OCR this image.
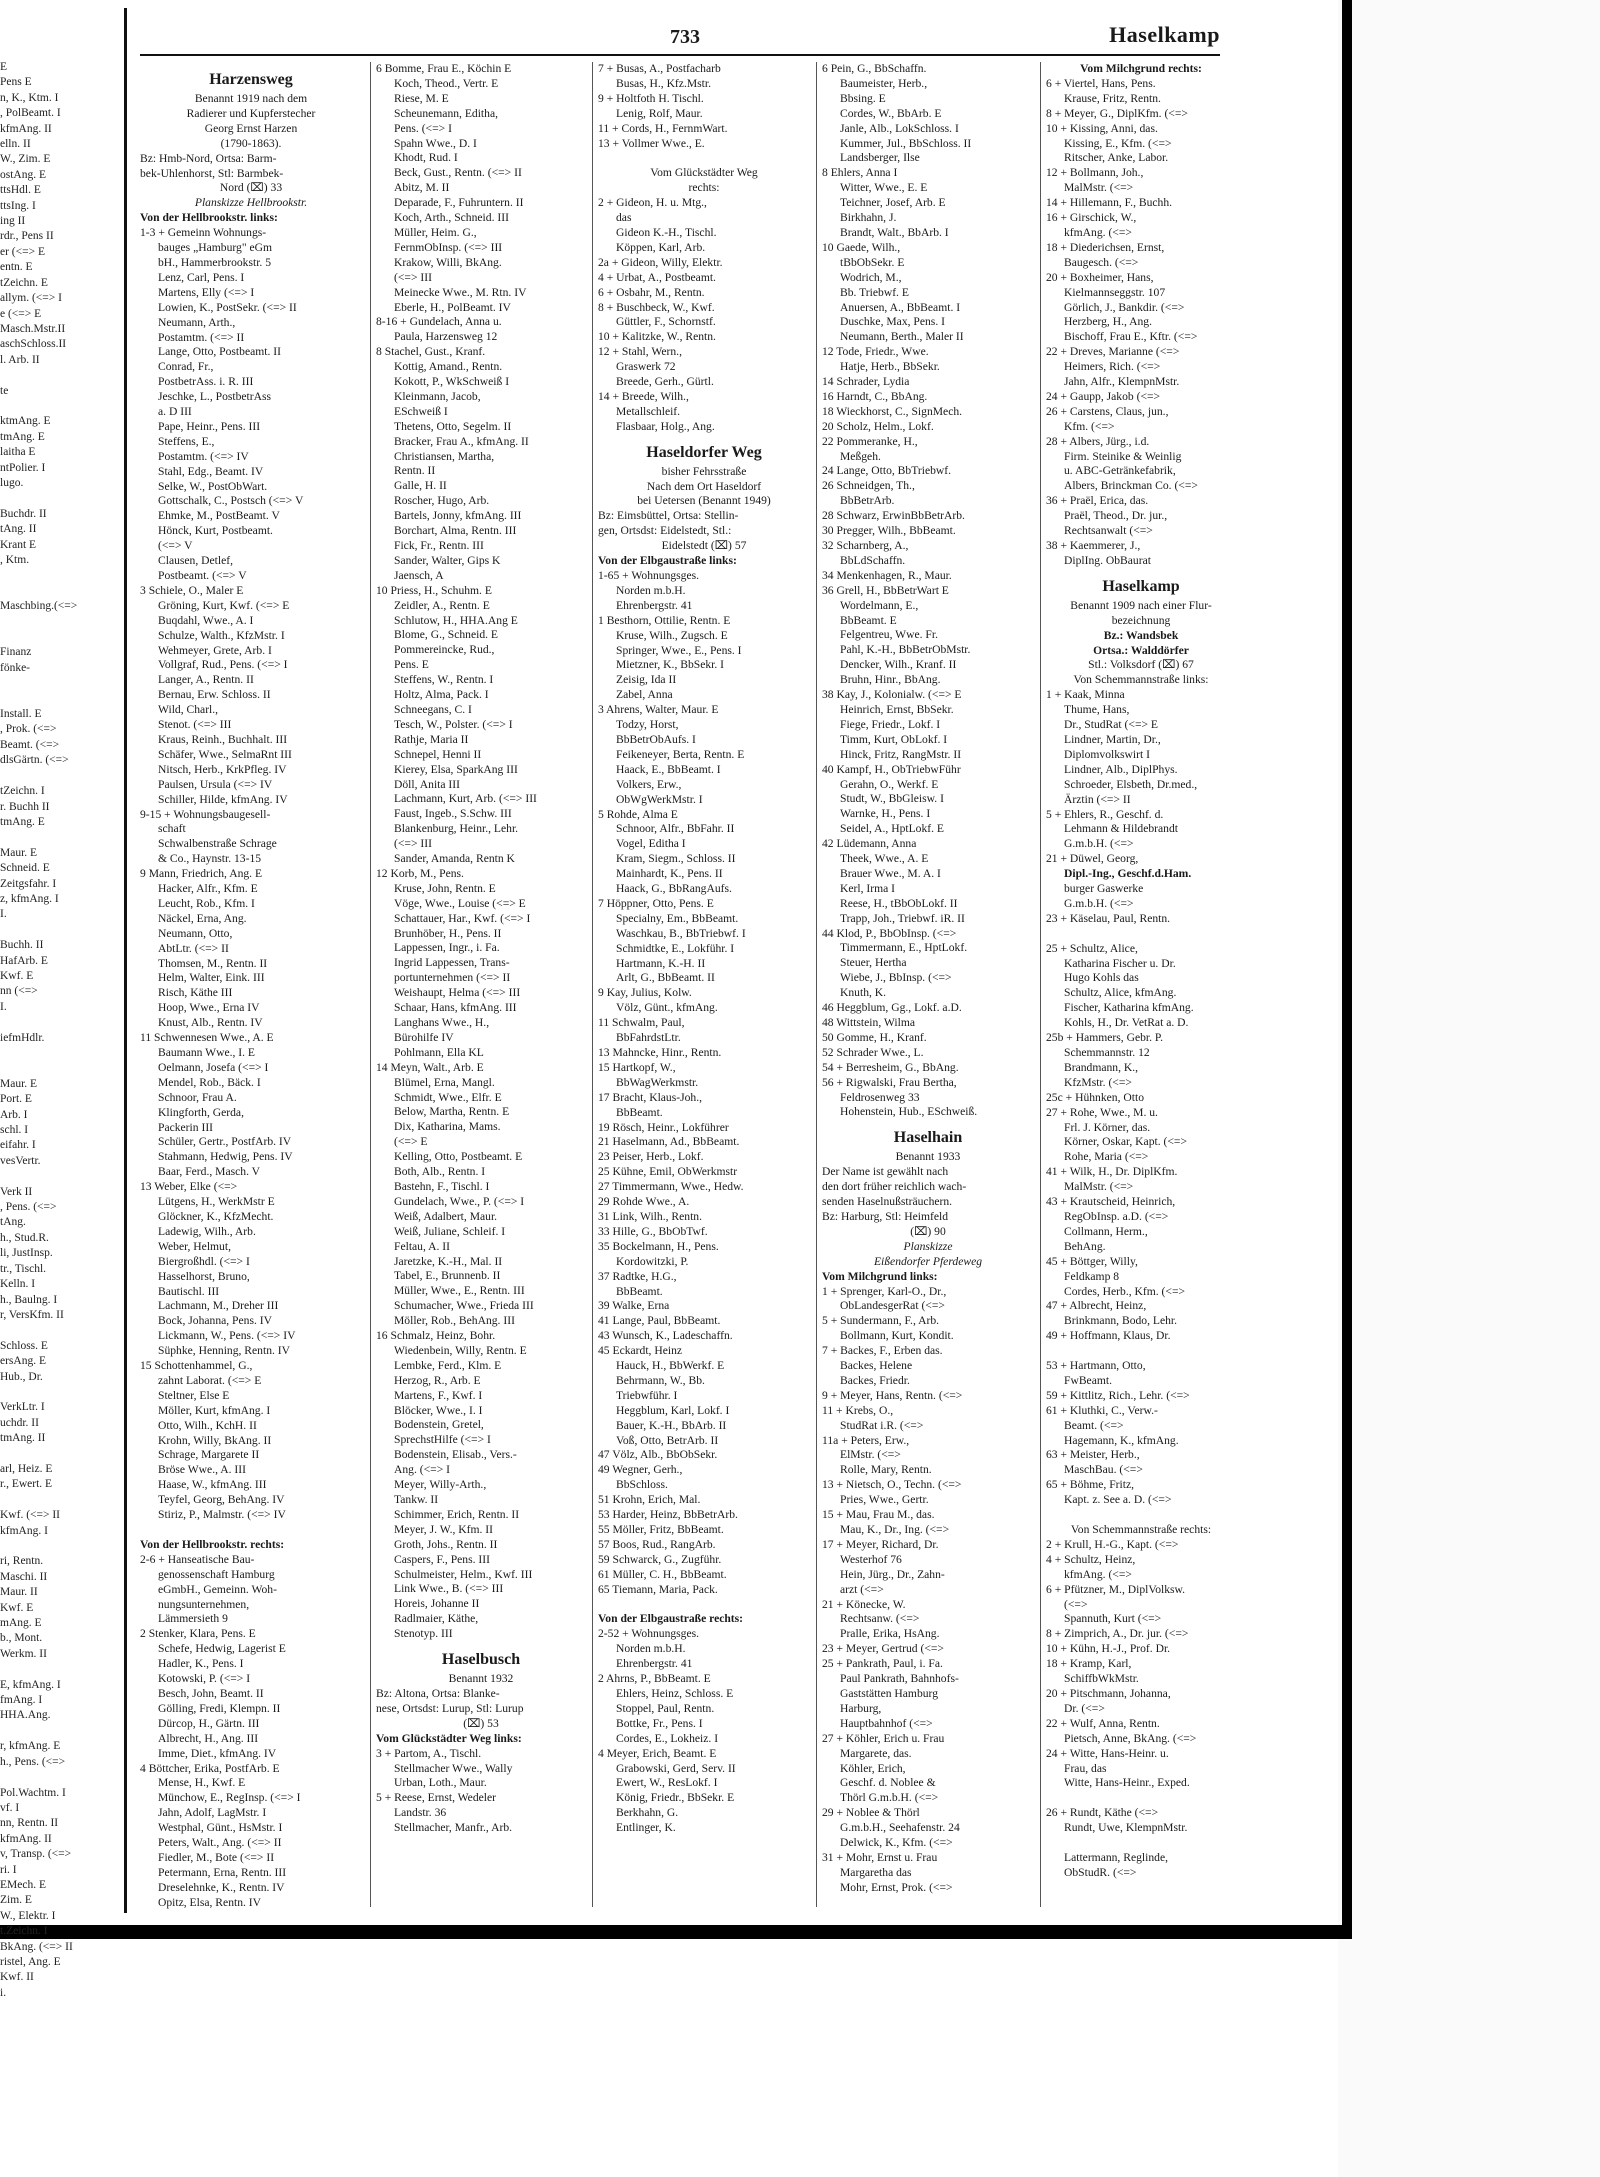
E
Pens E
n, K., Ktm. I
, PolBeamt. I
kfmAng. II
elln. II
W., Zim. E
ostAng. E
ttsHdl. E
ttsIng. I
ing II
rdr., Pens II
er (<=> E
entn. E
tZeichn. E
allym. (<=> I
e (<=> E
Masch.Mstr.II
aschSchloss.II
l. Arb. II

te

ktmAng. E
tmAng. E
laitha E
ntPolier. I
lugo.

Buchdr. II
tAng. II
Krant E
, Ktm.

Maschbing.(<=>

Finanz
fönke-

Install. E
, Prok. (<=>
Beamt. (<=>
dlsGärtn. (<=>

tZeichn. I
r. Buchh II
tmAng. E

Maur. E
Schneid. E
Zeitgsfahr. I
z, kfmAng. I
I.

Buchh. II
HafArb. E
Kwf. E
nn (<=>
I.

iefmHdlr.

Maur. E
Port. E
Arb. I
schl. I
eifahr. I
vesVertr.

Verk II
, Pens. (<=>
tAng.
h., Stud.R.
li, JustInsp.
tr., Tischl.
Kelln. I
h., Baulng. I
r, VersKfm. II

Schloss. E
ersAng. E
Hub., Dr.

VerkLtr. I
uchdr. II
tmAng. II

arl, Heiz. E
r., Ewert. E

Kwf. (<=> II
kfmAng. I

ri, Rentn.
Maschi. II
Maur. II
Kwf. E
mAng. E
b., Mont.
Werkm. II

E, kfmAng. I
fmAng. I
HHA.Ang.

r, kfmAng. E
h., Pens. (<=>

Pol.Wachtm. I
vf. I
nn, Rentn. II
kfmAng. II
v, Transp. (<=>
ri. I
EMech. E
Zim. E
W., Elektr. I
t.Zeichn. I
BkAng. (<=> II
ristel, Ang. E
Kwf. II
i.
733	Haselkamp
Harzensweg
Benannt 1919 nach dem
Radierer und Kupferstecher
Georg Ernst Harzen
(1790-1863).
Bz: Hmb-Nord, Ortsa: Barm-
bek-Uhlenhorst, Stl: Barmbek-
Nord (⌧) 33
Planskizze Hellbrookstr.
Von der Hellbrookstr. links:
1-3 + Gemeinn Wohnungs-
bauges „Hamburg" eGm
bH., Hammerbrookstr. 5
Lenz, Carl, Pens. I
Martens, Elly (<=> I
Lowien, K., PostSekr. (<=> II
Neumann, Arth.,
Postamtm. (<=> II
Lange, Otto, Postbeamt. II
Conrad, Fr.,
PostbetrAss. i. R. III
Jeschke, L., PostbetrAss
a. D III
Pape, Heinr., Pens. III
Steffens, E.,
Postamtm. (<=> IV
Stahl, Edg., Beamt. IV
Selke, W., PostObWart.
Gottschalk, C., Postsch (<=> V
Ehmke, M., PostBeamt. V
Hönck, Kurt, Postbeamt.
(<=> V
Clausen, Detlef,
Postbeamt. (<=> V
3 Schiele, O., Maler E
Gröning, Kurt, Kwf. (<=> E
Buqdahl, Wwe., A. I
Schulze, Walth., KfzMstr. I
Wehmeyer, Grete, Arb. I
Vollgraf, Rud., Pens. (<=> I
Langer, A., Rentn. II
Bernau, Erw. Schloss. II
Wild, Charl.,
Stenot. (<=> III
Kraus, Reinh., Buchhalt. III
Schäfer, Wwe., SelmaRnt III
Nitsch, Herb., KrkPfleg. IV
Paulsen, Ursula (<=> IV
Schiller, Hilde, kfmAng. IV
9-15 + Wohnungsbaugesell-
schaft
Schwalbenstraße Schrage
& Co., Haynstr. 13-15
9 Mann, Friedrich, Ang. E
Hacker, Alfr., Kfm. E
Leucht, Rob., Kfm. I
Näckel, Erna, Ang.
Neumann, Otto,
AbtLtr. (<=> II
Thomsen, M., Rentn. II
Helm, Walter, Eink. III
Risch, Käthe III
Hoop, Wwe., Erna IV
Knust, Alb., Rentn. IV
11 Schwennesen Wwe., A. E
Baumann Wwe., I. E
Oelmann, Josefa (<=> I
Mendel, Rob., Bäck. I
Schnoor, Frau A.
Klingforth, Gerda,
Packerin III
Schüler, Gertr., PostfArb. IV
Stahmann, Hedwig, Pens. IV
Baar, Ferd., Masch. V
13 Weber, Elke (<=>
Lütgens, H., WerkMstr E
Glöckner, K., KfzMecht.
Ladewig, Wilh., Arb.
Weber, Helmut,
Biergroßhdl. (<=> I
Hasselhorst, Bruno,
Bautischl. III
Lachmann, M., Dreher III
Bock, Johanna, Pens. IV
Lickmann, W., Pens. (<=> IV
Süphke, Henning, Rentn. IV
15 Schottenhammel, G.,
zahnt Laborat. (<=> E
Steltner, Else E
Möller, Kurt, kfmAng. I
Otto, Wilh., KchH. II
Krohn, Willy, BkAng. II
Schrage, Margarete II
Bröse Wwe., A. III
Haase, W., kfmAng. III
Teyfel, Georg, BehAng. IV
Stiriz, P., Malmstr. (<=> IV

Von der Hellbrookstr. rechts:
2-6 + Hanseatische Bau-
genossenschaft Hamburg
eGmbH., Gemeinn. Woh-
nungsunternehmen,
Lämmersieth 9
2 Stenker, Klara, Pens. E
Schefe, Hedwig, Lagerist E
Hadler, K., Pens. I
Kotowski, P. (<=> I
Besch, John, Beamt. II
Gölling, Fredi, Klempn. II
Dürcop, H., Gärtn. III
Albrecht, H., Ang. III
Imme, Diet., kfmAng. IV
4 Böttcher, Erika, PostfArb. E
Mense, H., Kwf. E
Münchow, E., RegInsp. (<=> I
Jahn, Adolf, LagMstr. I
Westphal, Günt., HsMstr. I
Peters, Walt., Ang. (<=> II
Fiedler, M., Bote (<=> II
Petermann, Erna, Rentn. III
Dreselehnke, K., Rentn. IV
Opitz, Elsa, Rentn. IV
6 Bomme, Frau E., Köchin E
Koch, Theod., Vertr. E
Riese, M. E
Scheunemann, Editha,
Pens. (<=> I
Spahn Wwe., D. I
Khodt, Rud. I
Beck, Gust., Rentn. (<=> II
Abitz, M. II
Deparade, F., Fuhruntern. II
Koch, Arth., Schneid. III
Müller, Heim. G.,
FernmObInsp. (<=> III
Krakow, Willi, BkAng.
(<=> III
Meinecke Wwe., M. Rtn. IV
Eberle, H., PolBeamt. IV
8-16 + Gundelach, Anna u.
Paula, Harzensweg 12
8 Stachel, Gust., Kranf.
Kottig, Amand., Rentn.
Kokott, P., WkSchweiß I
Kleinmann, Jacob,
ESchweiß I
Thetens, Otto, Segelm. II
Bracker, Frau A., kfmAng. II
Christiansen, Martha,
Rentn. II
Galle, H. II
Roscher, Hugo, Arb.
Bartels, Jonny, kfmAng. III
Borchart, Alma, Rentn. III
Fick, Fr., Rentn. III
Sander, Walter, Gips K
Jaensch, A
10 Priess, H., Schuhm. E
Zeidler, A., Rentn. E
Schlutow, H., HHA.Ang E
Blome, G., Schneid. E
Pommereincke, Rud.,
Pens. E
Steffens, W., Rentn. I
Holtz, Alma, Pack. I
Schneegans, C. I
Tesch, W., Polster. (<=> I
Rathje, Maria II
Schnepel, Henni II
Kierey, Elsa, SparkAng III
Döll, Anita III
Lachmann, Kurt, Arb. (<=> III
Faust, Ingeb., S.Schw. III
Blankenburg, Heinr., Lehr.
(<=> III
Sander, Amanda, Rentn K
12 Korb, M., Pens.
Kruse, John, Rentn. E
Vöge, Wwe., Louise (<=> E
Schattauer, Har., Kwf. (<=> I
Brunhöber, H., Pens. II
Lappessen, Ingr., i. Fa.
Ingrid Lappessen, Trans-
portunternehmen (<=> II
Weishaupt, Helma (<=> III
Schaar, Hans, kfmAng. III
Langhans Wwe., H.,
Bürohilfe IV
Pohlmann, Ella KL
14 Meyn, Walt., Arb. E
Blümel, Erna, Mangl.
Schmidt, Wwe., Elfr. E
Below, Martha, Rentn. E
Dix, Katharina, Mams.
(<=> E
Kelling, Otto, Postbeamt. E
Both, Alb., Rentn. I
Bastehn, F., Tischl. I
Gundelach, Wwe., P. (<=> I
Weiß, Adalbert, Maur.
Weiß, Juliane, Schleif. I
Feltau, A. II
Jaretzke, K.-H., Mal. II
Tabel, E., Brunnenb. II
Müller, Wwe., E., Rentn. III
Schumacher, Wwe., Frieda III
Möller, Rob., BehAng. III
16 Schmalz, Heinz, Bohr.
Wiedenbein, Willy, Rentn. E
Lembke, Ferd., Klm. E
Herzog, R., Arb. E
Martens, F., Kwf. I
Blöcker, Wwe., I. I
Bodenstein, Gretel,
SprechstHilfe (<=> I
Bodenstein, Elisab., Vers.-
Ang. (<=> I
Meyer, Willy-Arth.,
Tankw. II
Schimmer, Erich, Rentn. II
Meyer, J. W., Kfm. II
Groth, Johs., Rentn. II
Caspers, F., Pens. III
Schulmeister, Helm., Kwf. III
Link Wwe., B. (<=> III
Horeis, Johanne II
Radlmaier, Käthe,
Stenotyp. III
Haselbusch
Benannt 1932
Bz: Altona, Ortsa: Blanke-
nese, Ortsdst: Lurup, Stl: Lurup
(⌧) 53
Vom Glückstädter Weg links:
3 + Partom, A., Tischl.
Stellmacher Wwe., Wally
Urban, Loth., Maur.
5 + Reese, Ernst, Wedeler
Landstr. 36
Stellmacher, Manfr., Arb.
7 + Busas, A., Postfacharb
Busas, H., Kfz.Mstr.
9 + Holtfoth H. Tischl.
Lenig, Rolf, Maur.
11 + Cords, H., FernmWart.
13 + Vollmer Wwe., E.

Vom Glückstädter Weg
rechts:
2 + Gideon, H. u. Mtg.,
das
Gideon K.-H., Tischl.
Köppen, Karl, Arb.
2a + Gideon, Willy, Elektr.
4 + Urbat, A., Postbeamt.
6 + Osbahr, M., Rentn.
8 + Buschbeck, W., Kwf.
Güttler, F., Schornstf.
10 + Kalitzke, W., Rentn.
12 + Stahl, Wern.,
Graswerk 72
Breede, Gerh., Gürtl.
14 + Breede, Wilh.,
Metallschleif.
Flasbaar, Holg., Ang.
Haseldorfer Weg
bisher Fehrsstraße
Nach dem Ort Haseldorf
bei Uetersen (Benannt 1949)
Bz: Eimsbüttel, Ortsa: Stellin-
gen, Ortsdst: Eidelstedt, Stl.:
Eidelstedt (⌧) 57
Von der Elbgaustraße links:
1-65 + Wohnungsges.
Norden m.b.H.
Ehrenbergstr. 41
1 Besthorn, Ottilie, Rentn. E
Kruse, Wilh., Zugsch. E
Springer, Wwe., E., Pens. I
Mietzner, K., BbSekr. I
Zeisig, Ida II
Zabel, Anna
3 Ahrens, Walter, Maur. E
Todzy, Horst,
BbBetrObAufs. I
Feikeneyer, Berta, Rentn. E
Haack, E., BbBeamt. I
Volkers, Erw.,
ObWgWerkMstr. I
5 Rohde, Alma E
Schnoor, Alfr., BbFahr. II
Vogel, Editha I
Kram, Siegm., Schloss. II
Mainhardt, K., Pens. II
Haack, G., BbRangAufs.
7 Höppner, Otto, Pens. E
Specialny, Em., BbBeamt.
Waschkau, B., BbTriebwf. I
Schmidtke, E., Lokführ. I
Hartmann, K.-H. II
Arlt, G., BbBeamt. II
9 Kay, Julius, Kolw.
Völz, Günt., kfmAng.
11 Schwalm, Paul,
BbFahrdstLtr.
13 Mahncke, Hinr., Rentn.
15 Hartkopf, W.,
BbWagWerkmstr.
17 Bracht, Klaus-Joh.,
BbBeamt.
19 Rösch, Heinr., Lokführer
21 Haselmann, Ad., BbBeamt.
23 Peiser, Herb., Lokf.
25 Kühne, Emil, ObWerkmstr
27 Timmermann, Wwe., Hedw.
29 Rohde Wwe., A.
31 Link, Wilh., Rentn.
33 Hille, G., BbObTwf.
35 Bockelmann, H., Pens.
Kordowitzki, P.
37 Radtke, H.G.,
BbBeamt.
39 Walke, Erna
41 Lange, Paul, BbBeamt.
43 Wunsch, K., Ladeschaffn.
45 Eckardt, Heinz
Hauck, H., BbWerkf. E
Behrmann, W., Bb.
Triebwführ. I
Heggblum, Karl, Lokf. I
Bauer, K.-H., BbArb. II
Voß, Otto, BetrArb. II
47 Völz, Alb., BbObSekr.
49 Wegner, Gerh.,
BbSchloss.
51 Krohn, Erich, Mal.
53 Harder, Heinz, BbBetrArb.
55 Möller, Fritz, BbBeamt.
57 Boos, Rud., RangArb.
59 Schwarck, G., Zugführ.
61 Müller, C. H., BbBeamt.
65 Tiemann, Maria, Pack.

Von der Elbgaustraße rechts:
2-52 + Wohnungsges.
Norden m.b.H.
Ehrenbergstr. 41
2 Ahrns, P., BbBeamt. E
Ehlers, Heinz, Schloss. E
Stoppel, Paul, Rentn.
Bottke, Fr., Pens. I
Cordes, E., Lokheiz. I
4 Meyer, Erich, Beamt. E
Grabowski, Gerd, Serv. II
Ewert, W., ResLokf. I
König, Friedr., BbSekr. E
Berkhahn, G.
Entlinger, K.
6 Pein, G., BbSchaffn.
Baumeister, Herb.,
Bbsing. E
Cordes, W., BbArb. E
Janle, Alb., LokSchloss. I
Kummer, Jul., BbSchloss. II
Landsberger, Ilse
8 Ehlers, Anna I
Witter, Wwe., E. E
Teichner, Josef, Arb. E
Birkhahn, J.
Brandt, Walt., BbArb. I
10 Gaede, Wilh.,
tBbObSekr. E
Wodrich, M.,
Bb. Triebwf. E
Anuersen, A., BbBeamt. I
Duschke, Max, Pens. I
Neumann, Berth., Maler II
12 Tode, Friedr., Wwe.
Hatje, Herb., BbSekr.
14 Schrader, Lydia
16 Harndt, C., BbAng.
18 Wieckhorst, C., SignMech.
20 Scholz, Helm., Lokf.
22 Pommeranke, H.,
Meßgeh.
24 Lange, Otto, BbTriebwf.
26 Schneidgen, Th.,
BbBetrArb.
28 Schwarz, ErwinBbBetrArb.
30 Pregger, Wilh., BbBeamt.
32 Scharnberg, A.,
BbLdSchaffn.
34 Menkenhagen, R., Maur.
36 Grell, H., BbBetrWart E
Wordelmann, E.,
BbBeamt. E
Felgentreu, Wwe. Fr.
Pahl, K.-H., BbBetrObMstr.
Dencker, Wilh., Kranf. II
Bruhn, Hinr., BbAng.
38 Kay, J., Kolonialw. (<=> E
Heinrich, Ernst, BbSekr.
Fiege, Friedr., Lokf. I
Timm, Kurt, ObLokf. I
Hinck, Fritz, RangMstr. II
40 Kampf, H., ObTriebwFühr
Gerahn, O., Werkf. E
Studt, W., BbGleisw. I
Warnke, H., Pens. I
Seidel, A., HptLokf. E
42 Lüdemann, Anna
Theek, Wwe., A. E
Brauer Wwe., M. A. I
Kerl, Irma I
Reese, H., tBbObLokf. II
Trapp, Joh., Triebwf. iR. II
44 Klod, P., BbObInsp. (<=>
Timmermann, E., HptLokf.
Steuer, Hertha
Wiebe, J., BbInsp. (<=>
Knuth, K.
46 Heggblum, Gg., Lokf. a.D.
48 Wittstein, Wilma
50 Gomme, H., Kranf.
52 Schrader Wwe., L.
54 + Berresheim, G., BbAng.
56 + Rigwalski, Frau Bertha,
Feldrosenweg 33
Hohenstein, Hub., ESchweiß.
Haselhain
Benannt 1933
Der Name ist gewählt nach
den dort früher reichlich wach-
senden Haselnußsträuchern.
Bz: Harburg, Stl: Heimfeld
(⌧) 90
Planskizze
Eißendorfer Pferdeweg
Vom Milchgrund links:
1 + Sprenger, Karl-O., Dr.,
ObLandesgerRat (<=>
5 + Sundermann, F., Arb.
Bollmann, Kurt, Kondit.
7 + Backes, F., Erben das.
Backes, Helene
Backes, Friedr.
9 + Meyer, Hans, Rentn. (<=>
11 + Krebs, O.,
StudRat i.R. (<=>
11a + Peters, Erw.,
ElMstr. (<=>
Rolle, Mary, Rentn.
13 + Nietsch, O., Techn. (<=>
Pries, Wwe., Gertr.
15 + Mau, Frau M., das.
Mau, K., Dr., Ing. (<=>
17 + Meyer, Richard, Dr.
Westerhof 76
Hein, Jürg., Dr., Zahn-
arzt (<=>
21 + Könecke, W.
Rechtsanw. (<=>
Pralle, Erika, HsAng.
23 + Meyer, Gertrud (<=>
25 + Pankrath, Paul, i. Fa.
Paul Pankrath, Bahnhofs-
Gaststätten Hamburg
Harburg,
Hauptbahnhof (<=>
27 + Köhler, Erich u. Frau
Margarete, das.
Köhler, Erich,
Geschf. d. Noblee &
Thörl G.m.b.H. (<=>
29 + Noblee & Thörl
G.m.b.H., Seehafenstr. 24
Delwick, K., Kfm. (<=>
31 + Mohr, Ernst u. Frau
Margaretha das
Mohr, Ernst, Prok. (<=>
Vom Milchgrund rechts:
6 + Viertel, Hans, Pens.
Krause, Fritz, Rentn.
8 + Meyer, G., DiplKfm. (<=>
10 + Kissing, Anni, das.
Kissing, E., Kfm. (<=>
Ritscher, Anke, Labor.
12 + Bollmann, Joh.,
MalMstr. (<=>
14 + Hillemann, F., Buchh.
16 + Girschick, W.,
kfmAng. (<=>
18 + Diederichsen, Ernst,
Baugesch. (<=>
20 + Boxheimer, Hans,
Kielmannseggstr. 107
Görlich, J., Bankdir. (<=>
Herzberg, H., Ang.
Bischoff, Frau E., Kftr. (<=>
22 + Dreves, Marianne (<=>
Heimers, Rich. (<=>
Jahn, Alfr., KlempnMstr.
24 + Gaupp, Jakob (<=>
26 + Carstens, Claus, jun.,
Kfm. (<=>
28 + Albers, Jürg., i.d.
Firm. Steinike & Weinlig
u. ABC-Getränkefabrik,
Albers, Brinckman Co. (<=>
36 + Praël, Erica, das.
Praël, Theod., Dr. jur.,
Rechtsanwalt (<=>
38 + Kaemmerer, J.,
DiplIng. ObBaurat
Haselkamp
Benannt 1909 nach einer Flur-
bezeichnung
Bz.: Wandsbek
Ortsa.: Walddörfer
Stl.: Volksdorf (⌧) 67
Von Schemmannstraße links:
1 + Kaak, Minna
Thume, Hans,
Dr., StudRat (<=> E
Lindner, Martin, Dr.,
Diplomvolkswirt I
Lindner, Alb., DiplPhys.
Schroeder, Elsbeth, Dr.med.,
Ärztin (<=> II
5 + Ehlers, R., Geschf. d.
Lehmann & Hildebrandt
G.m.b.H. (<=>
21 + Düwel, Georg,
Dipl.-Ing., Geschf.d.Ham.
burger Gaswerke
G.m.b.H. (<=>
23 + Käselau, Paul, Rentn.

25 + Schultz, Alice,
Katharina Fischer u. Dr.
Hugo Kohls das
Schultz, Alice, kfmAng.
Fischer, Katharina kfmAng.
Kohls, H., Dr. VetRat a. D.
25b + Hammers, Gebr. P.
Schemmannstr. 12
Brandmann, K.,
KfzMstr. (<=>
25c + Hühnken, Otto
27 + Rohe, Wwe., M. u.
Frl. J. Körner, das.
Körner, Oskar, Kapt. (<=>
Rohe, Maria (<=>
41 + Wilk, H., Dr. DiplKfm.
MalMstr. (<=>
43 + Krautscheid, Heinrich,
RegObInsp. a.D. (<=>
Collmann, Herm.,
BehAng.
45 + Böttger, Willy,
Feldkamp 8
Cordes, Herb., Kfm. (<=>
47 + Albrecht, Heinz,
Brinkmann, Bodo, Lehr.
49 + Hoffmann, Klaus, Dr.

53 + Hartmann, Otto,
FwBeamt.
59 + Kittlitz, Rich., Lehr. (<=>
61 + Kluthki, C., Verw.-
Beamt. (<=>
Hagemann, K., kfmAng.
63 + Meister, Herb.,
MaschBau. (<=>
65 + Böhme, Fritz,
Kapt. z. See a. D. (<=>

Von Schemmannstraße rechts:
2 + Krull, H.-G., Kapt. (<=>
4 + Schultz, Heinz,
kfmAng. (<=>
6 + Pfützner, M., DiplVolksw.
(<=>
Spannuth, Kurt (<=>
8 + Zimprich, A., Dr. jur. (<=>
10 + Kühn, H.-J., Prof. Dr.
18 + Kramp, Karl,
SchiffbWkMstr.
20 + Pitschmann, Johanna,
Dr. (<=>
22 + Wulf, Anna, Rentn.
Pietsch, Anne, BkAng. (<=>
24 + Witte, Hans-Heinr. u.
Frau, das
Witte, Hans-Heinr., Exped.

26 + Rundt, Käthe (<=>
Rundt, Uwe, KlempnMstr.

Lattermann, Reglinde,
ObStudR. (<=>
